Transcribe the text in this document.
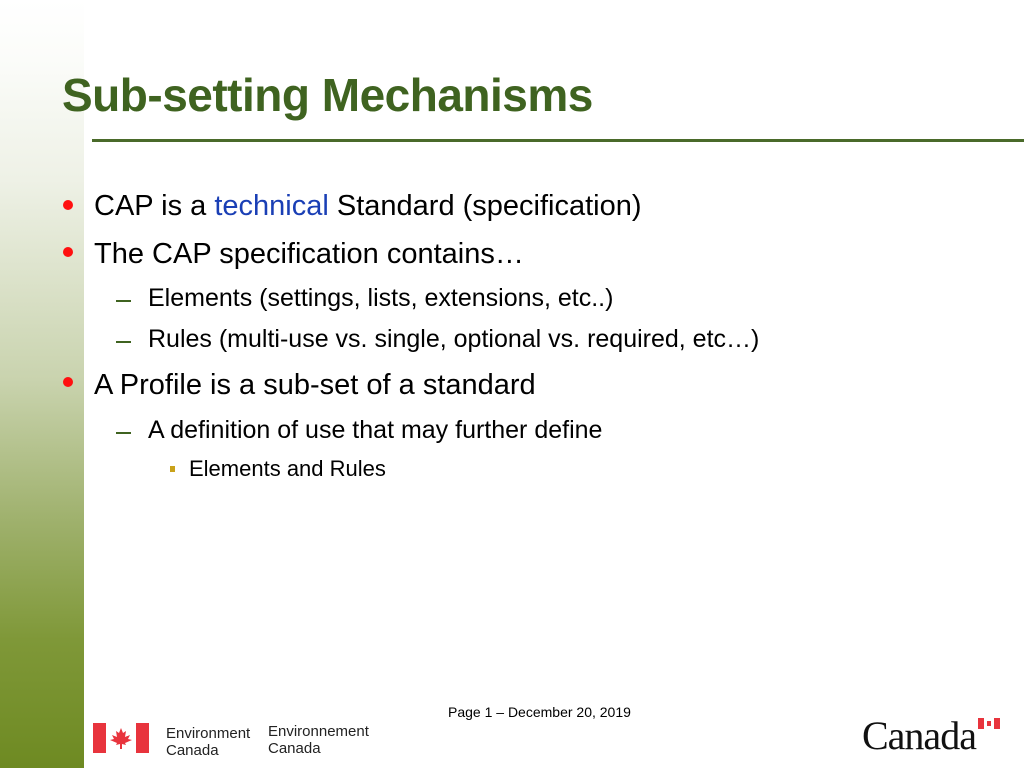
Sub-setting Mechanisms
CAP is a technical Standard (specification)
The CAP specification contains…
Elements (settings, lists, extensions, etc..)
Rules (multi-use vs. single, optional vs. required, etc…)
A Profile is a sub-set of a standard
A definition of use that may further define
Elements and Rules
Page 1 – December 20, 2019
Environment
Canada
Environnement
Canada	Canada
